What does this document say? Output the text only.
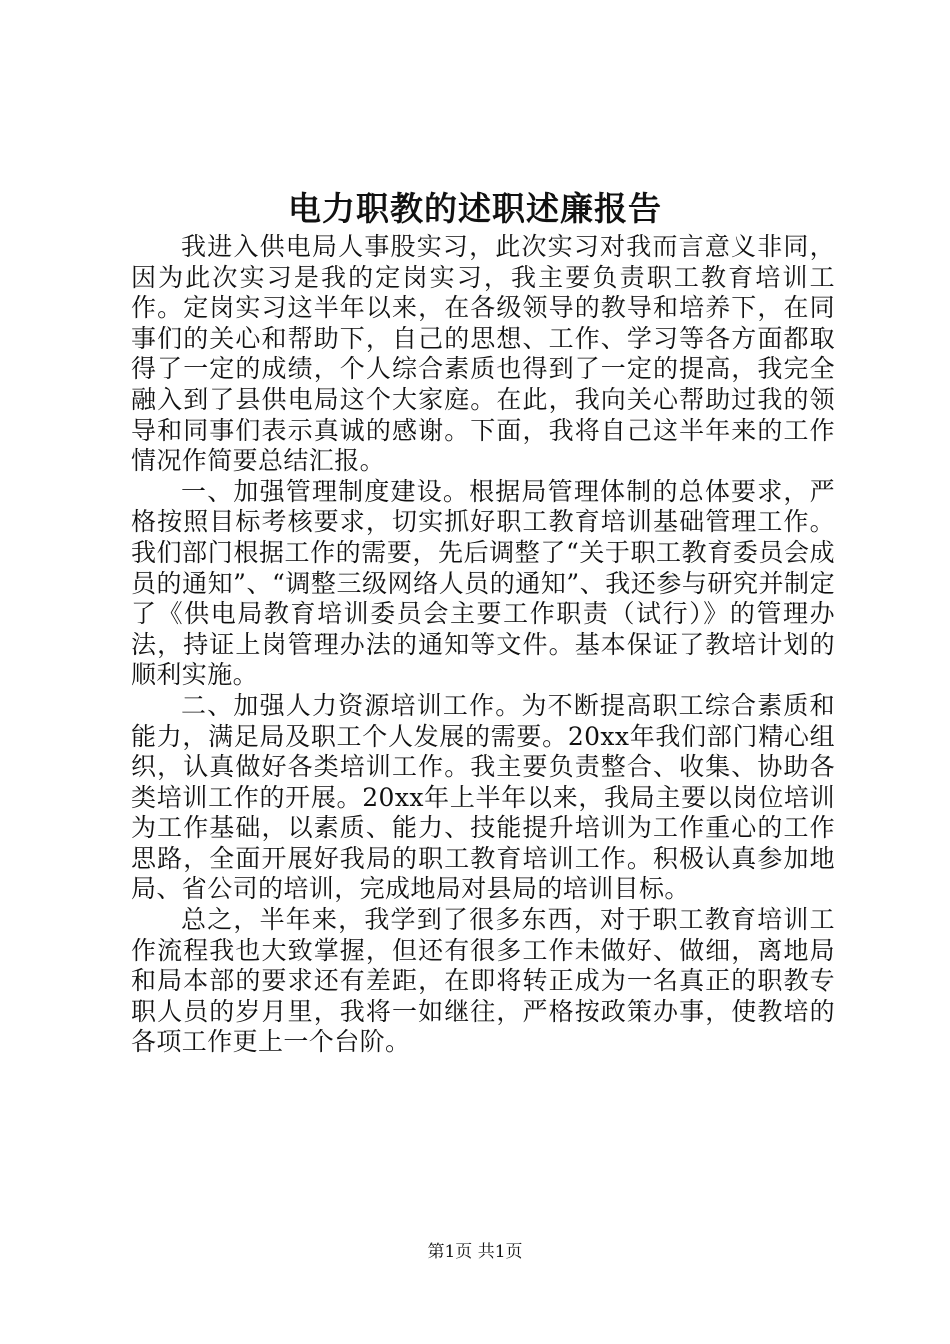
电力职教的述职述廉报告

我进入供电局人事股实习，此次实习对我而言意义非同，因为此次实习是我的定岗实习，我主要负责职工教育培训工作。定岗实习这半年以来，在各级领导的教导和培养下，在同事们的关心和帮助下，自己的思想、工作、学习等各方面都取得了一定的成绩，个人综合素质也得到了一定的提高，我完全融入到了县供电局这个大家庭。在此，我向关心帮助过我的领导和同事们表示真诚的感谢。下面，我将自己这半年来的工作情况作简要总结汇报。

一、加强管理制度建设。根据局管理体制的总体要求，严格按照目标考核要求，切实抓好职工教育培训基础管理工作。我们部门根据工作的需要，先后调整了“关于职工教育委员会成员的通知”、“调整三级网络人员的通知”、我还参与研究并制定了《供电局教育培训委员会主要工作职责（试行）》的管理办法，持证上岗管理办法的通知等文件。基本保证了教培计划的顺利实施。

二、加强人力资源培训工作。为不断提高职工综合素质和能力，满足局及职工个人发展的需要。20xx年我们部门精心组织，认真做好各类培训工作。我主要负责整合、收集、协助各类培训工作的开展。20xx年上半年以来，我局主要以岗位培训为工作基础，以素质、能力、技能提升培训为工作重心的工作思路，全面开展好我局的职工教育培训工作。积极认真参加地局、省公司的培训，完成地局对县局的培训目标。

总之，半年来，我学到了很多东西，对于职工教育培训工作流程我也大致掌握，但还有很多工作未做好、做细，离地局和局本部的要求还有差距，在即将转正成为一名真正的职教专职人员的岁月里，我将一如继往，严格按政策办事，使教培的各项工作更上一个台阶。

第1页 共1页
